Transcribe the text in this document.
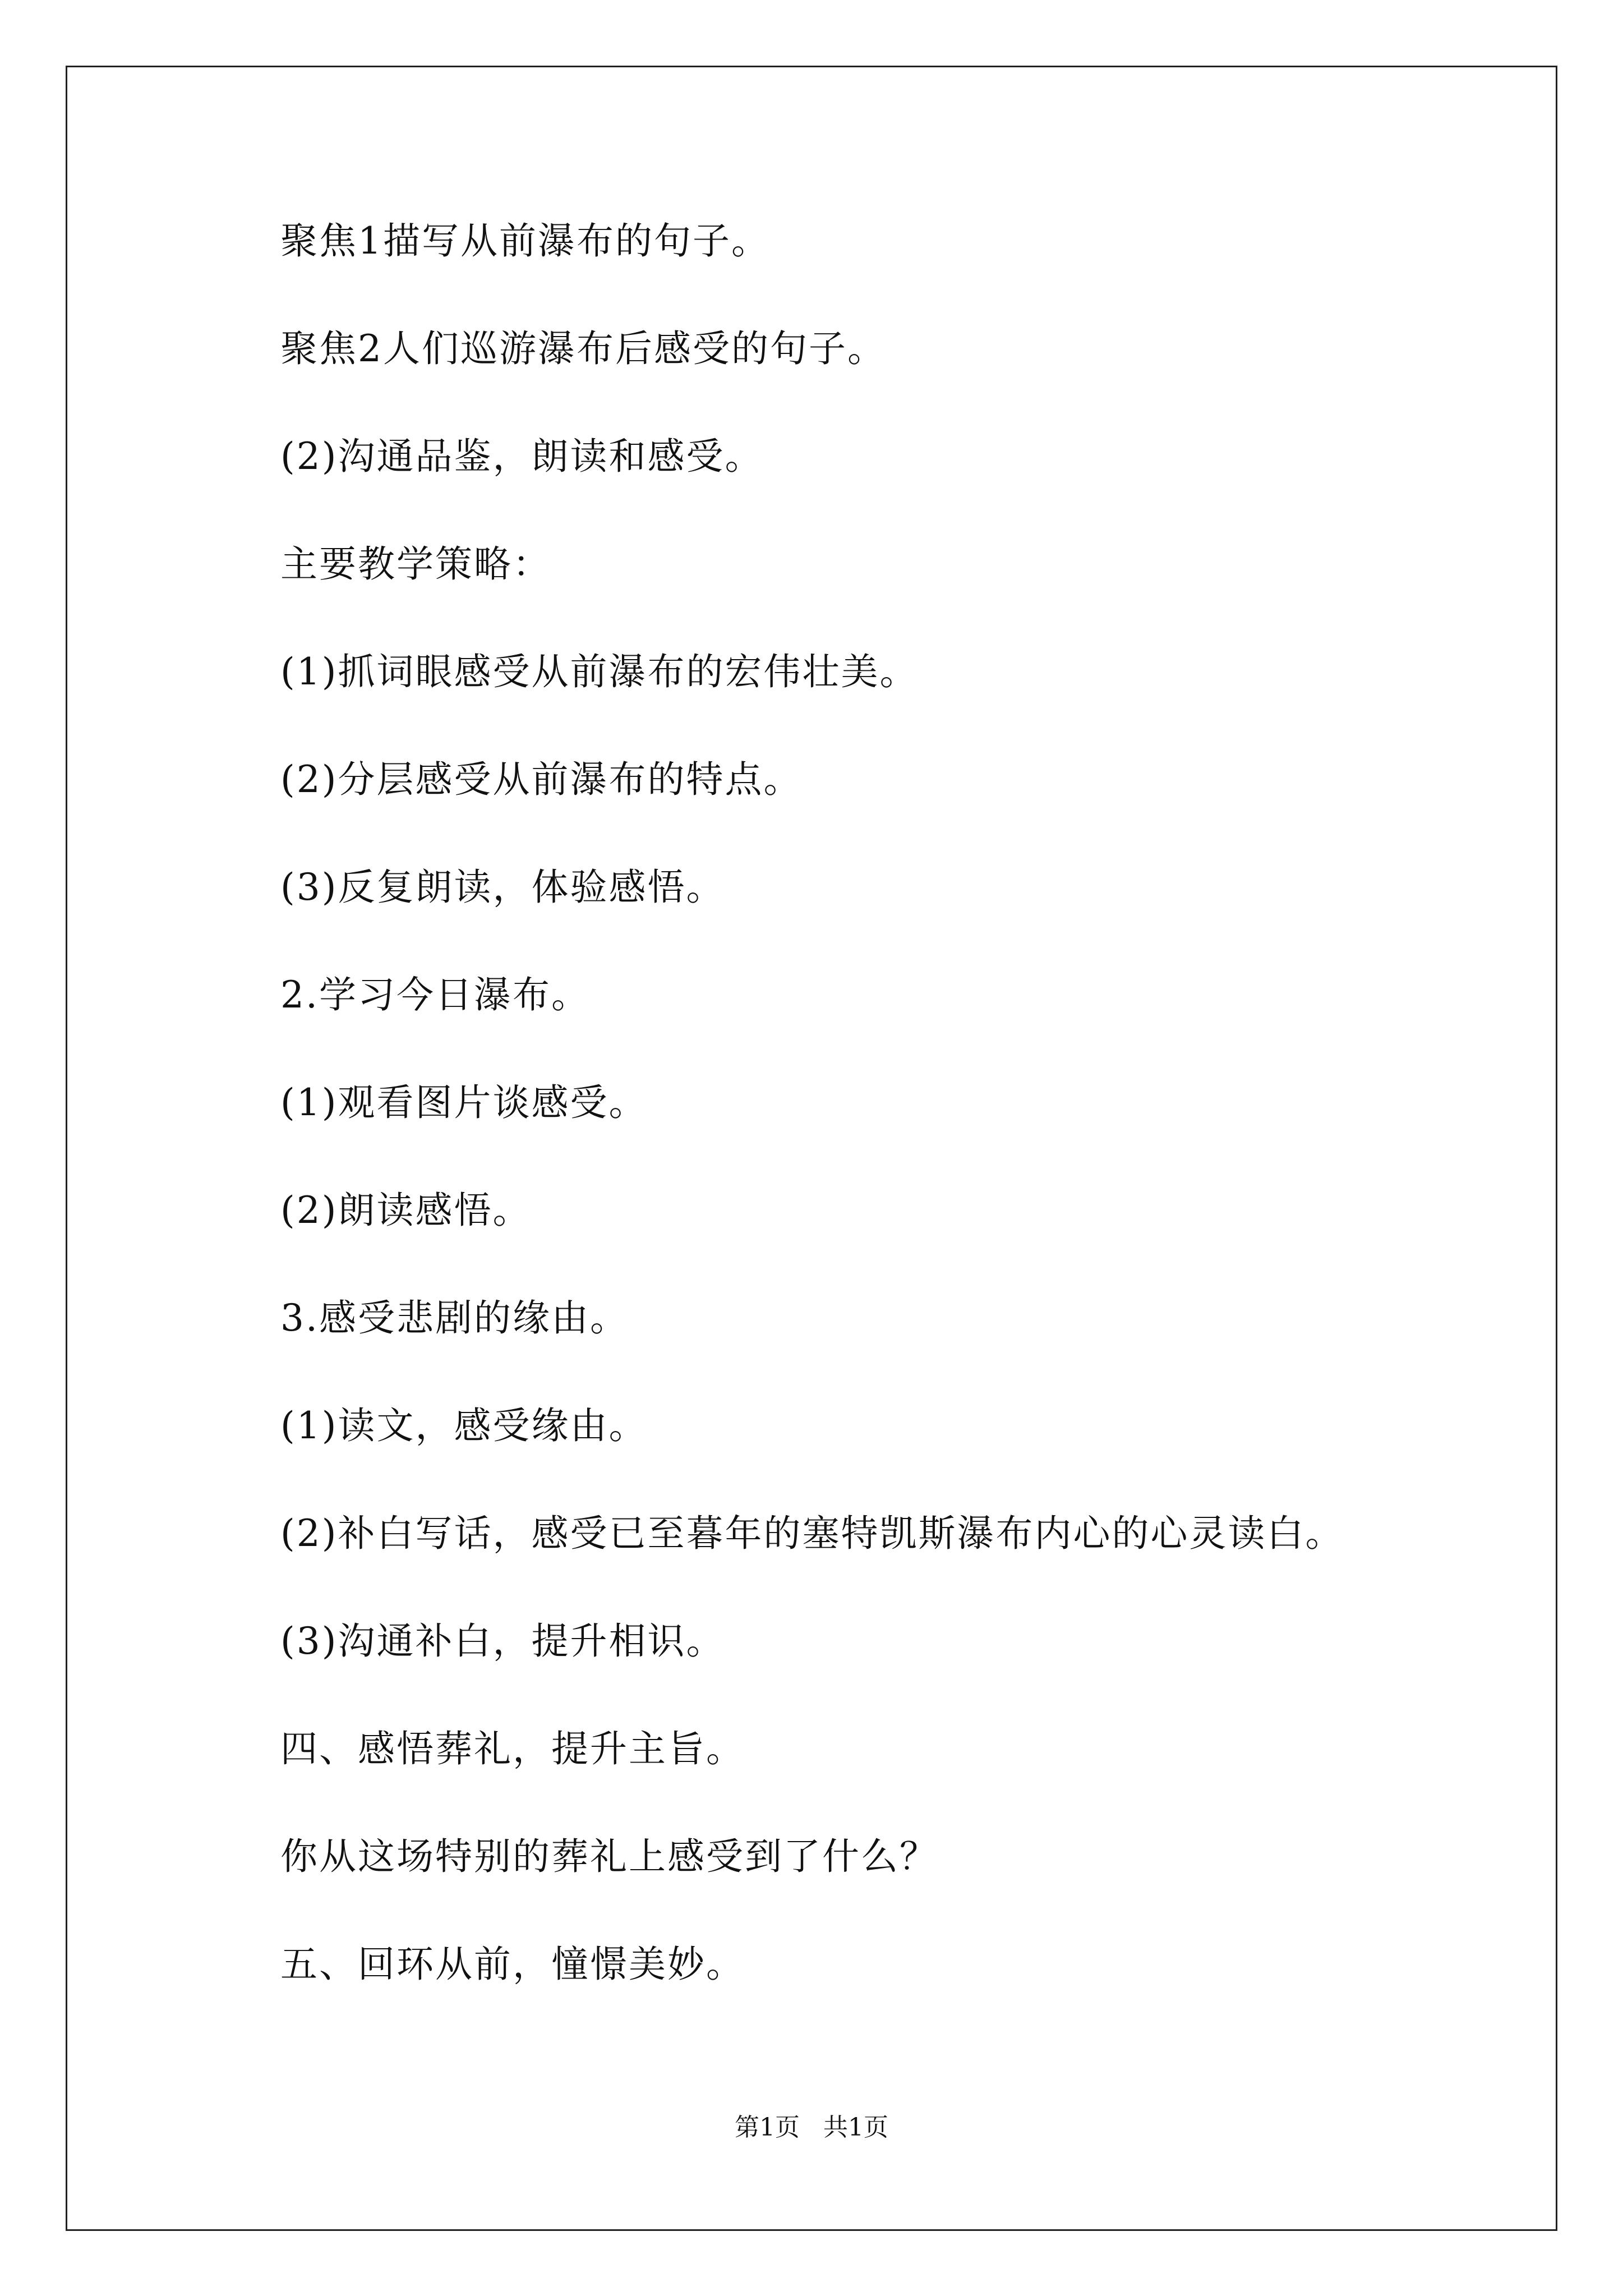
聚焦1描写从前瀑布的句子。
聚焦2人们巡游瀑布后感受的句子。
(2)沟通品鉴，朗读和感受。
主要教学策略：
(1)抓词眼感受从前瀑布的宏伟壮美。
(2)分层感受从前瀑布的特点。
(3)反复朗读，体验感悟。
2.学习今日瀑布。
(1)观看图片谈感受。
(2)朗读感悟。
3.感受悲剧的缘由。
(1)读文，感受缘由。
(2)补白写话，感受已至暮年的塞特凯斯瀑布内心的心灵读白。
(3)沟通补白，提升相识。
四、感悟葬礼，提升主旨。
你从这场特别的葬礼上感受到了什么？
五、回环从前，憧憬美妙。
第1页   共1页
